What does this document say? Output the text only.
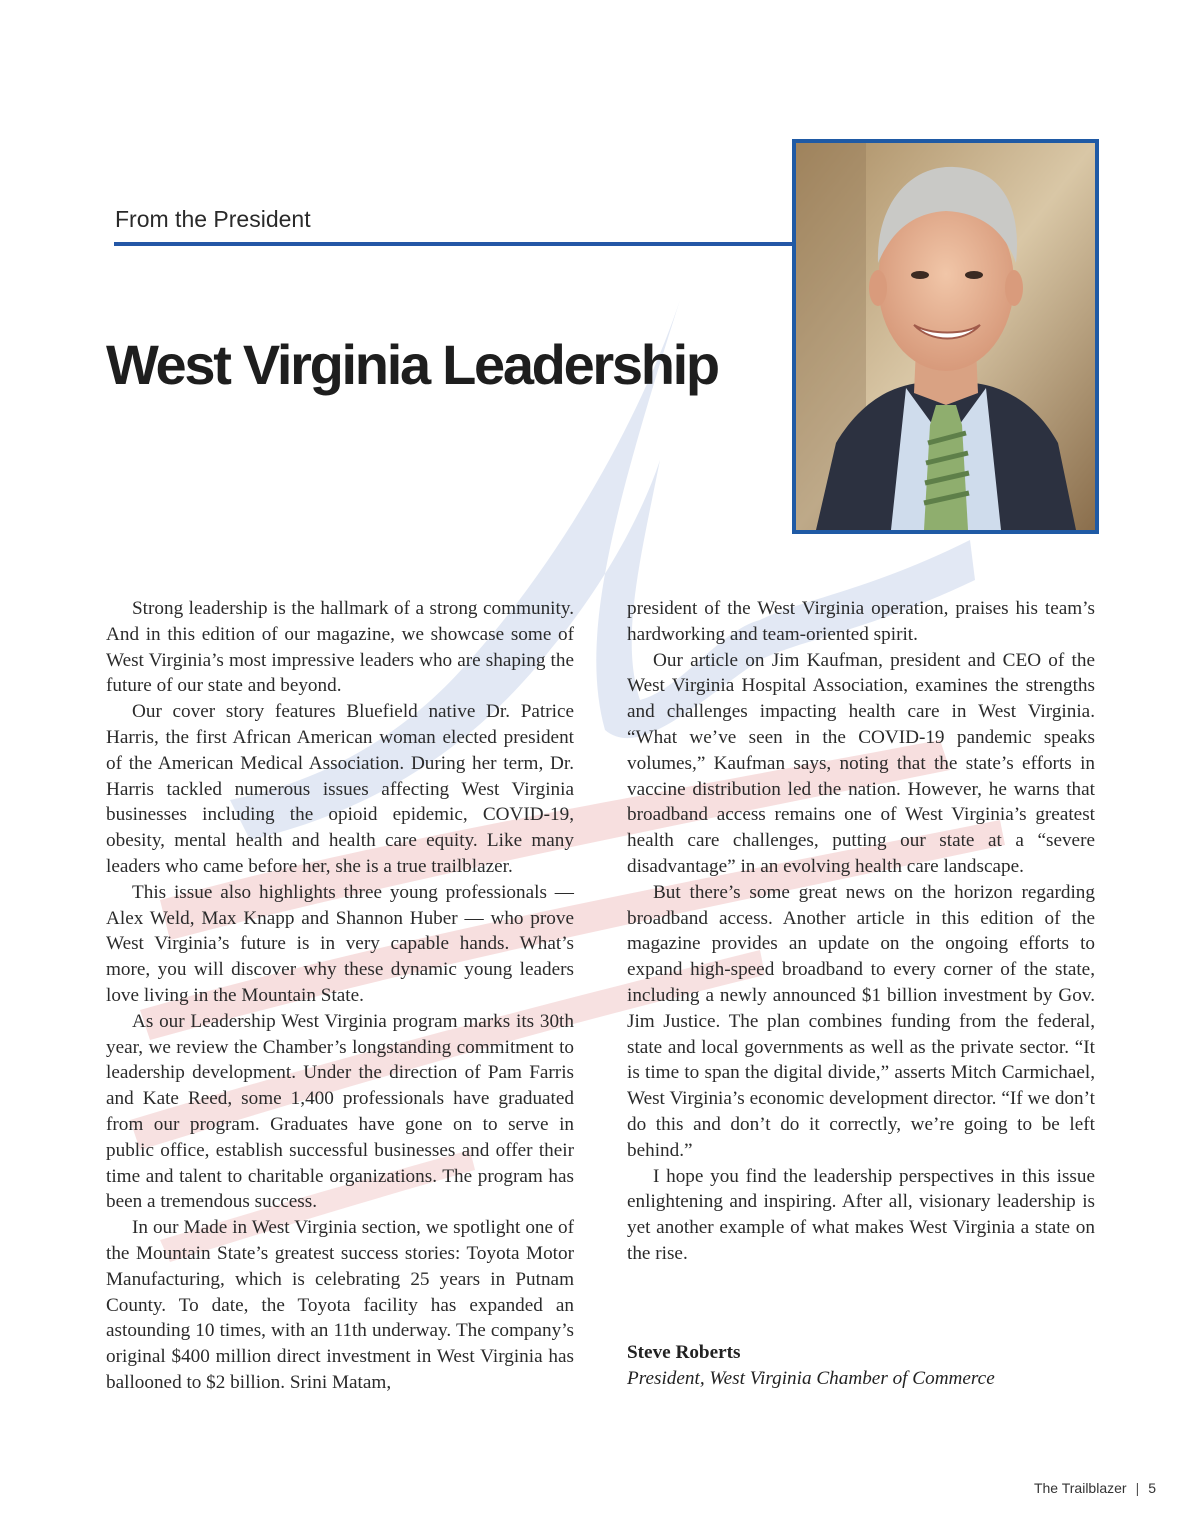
From the President
West Virginia Leadership

Strong leadership is the hallmark of a strong community. And in this edition of our magazine, we showcase some of West Virginia’s most impressive leaders who are shaping the future of our state and beyond.

Our cover story features Bluefield native Dr. Patrice Harris, the first African American woman elected president of the American Medical Association. During her term, Dr. Harris tackled numerous issues affecting West Virginia businesses including the opioid epidemic, COVID-19, obesity, mental health and health care equity. Like many leaders who came before her, she is a true trailblazer.

This issue also highlights three young professionals — Alex Weld, Max Knapp and Shannon Huber — who prove West Virginia’s future is in very capable hands. What’s more, you will discover why these dynamic young leaders love living in the Mountain State.

As our Leadership West Virginia program marks its 30th year, we review the Chamber’s longstanding commitment to leadership development. Under the direction of Pam Farris and Kate Reed, some 1,400 professionals have graduated from our program. Graduates have gone on to serve in public office, establish successful businesses and offer their time and talent to charitable organizations. The program has been a tremendous success.

In our Made in West Virginia section, we spotlight one of the Mountain State’s greatest success stories: Toyota Motor Manufacturing, which is celebrating 25 years in Putnam County. To date, the Toyota facility has expanded an astounding 10 times, with an 11th underway. The company’s original $400 million direct investment in West Virginia has ballooned to $2 billion. Srini Matam,

president of the West Virginia operation, praises his team’s hardworking and team-oriented spirit.

Our article on Jim Kaufman, president and CEO of the West Virginia Hospital Association, examines the strengths and challenges impacting health care in West Virginia. “What we’ve seen in the COVID-19 pandemic speaks volumes,” Kaufman says, noting that the state’s efforts in vaccine distribution led the nation. However, he warns that broadband access remains one of West Virginia’s greatest health care challenges, putting our state at a “severe disadvantage” in an evolving health care landscape.

But there’s some great news on the horizon regarding broadband access. Another article in this edition of the magazine provides an update on the ongoing efforts to expand high-speed broadband to every corner of the state, including a newly announced $1 billion investment by Gov. Jim Justice. The plan combines funding from the federal, state and local governments as well as the private sector. “It is time to span the digital divide,” asserts Mitch Carmichael, West Virginia’s economic development director. “If we don’t do this and don’t do it correctly, we’re going to be left behind.”

I hope you find the leadership perspectives in this issue enlightening and inspiring. After all, visionary leadership is yet another example of what makes West Virginia a state on the rise.

Steve Roberts
President, West Virginia Chamber of Commerce
The Trailblazer | 5
